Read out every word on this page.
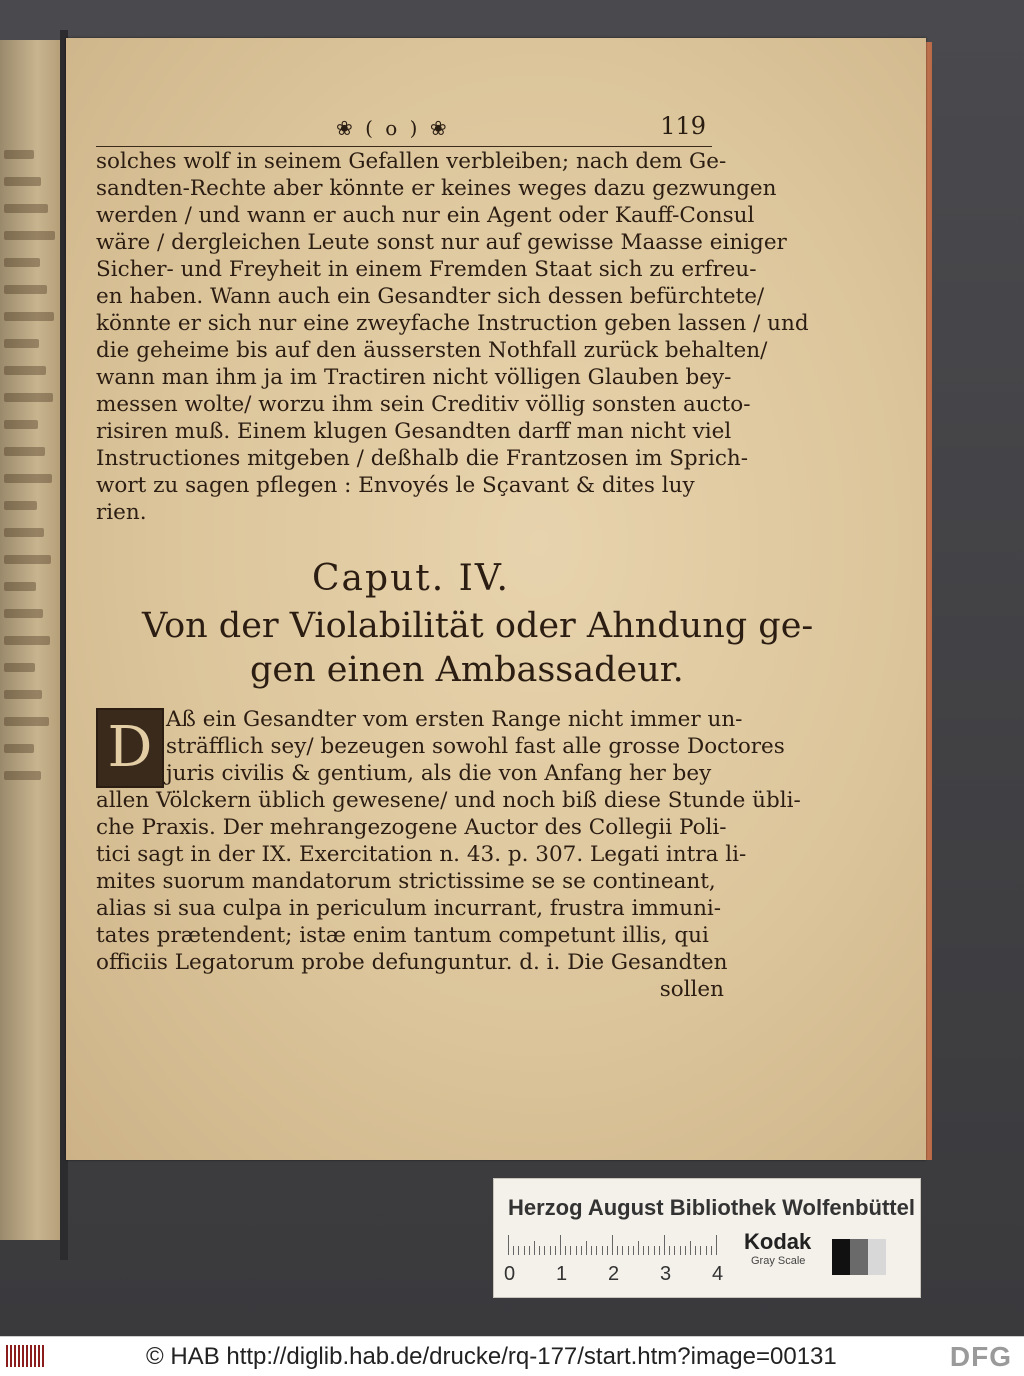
❀ ( o ) ❀	119
solches wolf in seinem Gefallen verbleiben; nach dem Ge-
sandten-Rechte aber könnte er keines weges dazu gezwungen
werden / und wann er auch nur ein Agent oder Kauff-Consul
wäre / dergleichen Leute sonst nur auf gewisse Maasse einiger
Sicher- und Freyheit in einem Fremden Staat sich zu erfreu-
en haben. Wann auch ein Gesandter sich dessen befürchtete/
könnte er sich nur eine zweyfache Instruction geben lassen / und
die geheime bis auf den äussersten Nothfall zurück behalten/
wann man ihm ja im Tractiren nicht völligen Glauben bey-
messen wolte/ worzu ihm sein Creditiv völlig sonsten aucto-
risiren muß. Einem klugen Gesandten darff man nicht viel
Instructiones mitgeben / deßhalb die Frantzosen im Sprich-
wort zu sagen pflegen : Envoyés le Sçavant & dites luy
rien.
Caput. IV.
Von der Violabilität oder Ahndung ge-
gen einen Ambassadeur.
D Aß ein Gesandter vom ersten Range nicht immer un-
sträfflich sey/ bezeugen sowohl fast alle grosse Doctores
juris civilis & gentium, als die von Anfang her bey
allen Völckern üblich gewesene/ und noch biß diese Stunde übli-
che Praxis. Der mehrangezogene Auctor des Collegii Poli-
tici sagt in der IX. Exercitation n. 43. p. 307. Legati intra li-
mites suorum mandatorum strictissime se se contineant,
alias si sua culpa in periculum incurrant, frustra immuni-
tates prætendent; istæ enim tantum competunt illis, qui
officiis Legatorum probe defunguntur. d. i. Die Gesandten
sollen
Herzog August Bibliothek Wolfenbüttel
0 1 2 3 4
Kodak
Gray Scale
© HAB http://diglib.hab.de/drucke/rq-177/start.htm?image=00131	DFG
